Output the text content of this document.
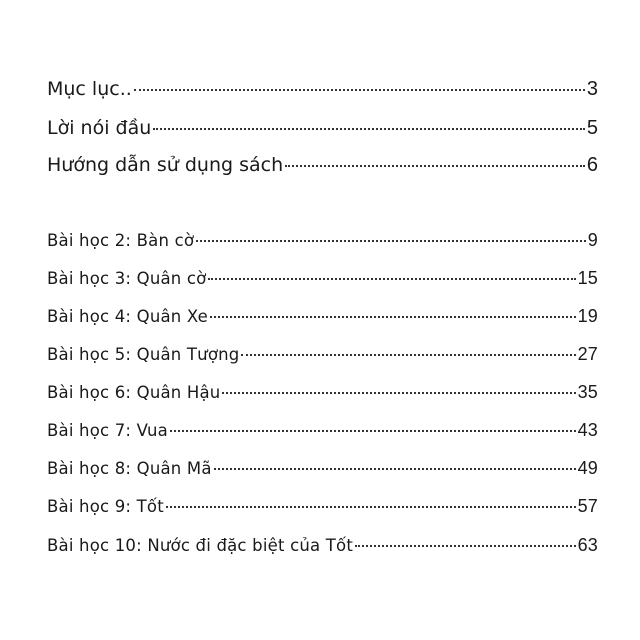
Mục lục..	3
Lời nói đầu	5
Hướng dẫn sử dụng sách	6
Bài học 2: Bàn cờ	9
Bài học 3: Quân cờ	15
Bài học 4: Quân Xe	19
Bài học 5: Quân Tượng	27
Bài học 6: Quân Hậu	35
Bài học 7: Vua	43
Bài học 8: Quân Mã	49
Bài học 9: Tốt	57
Bài học 10: Nước đi đặc biệt của Tốt	63
